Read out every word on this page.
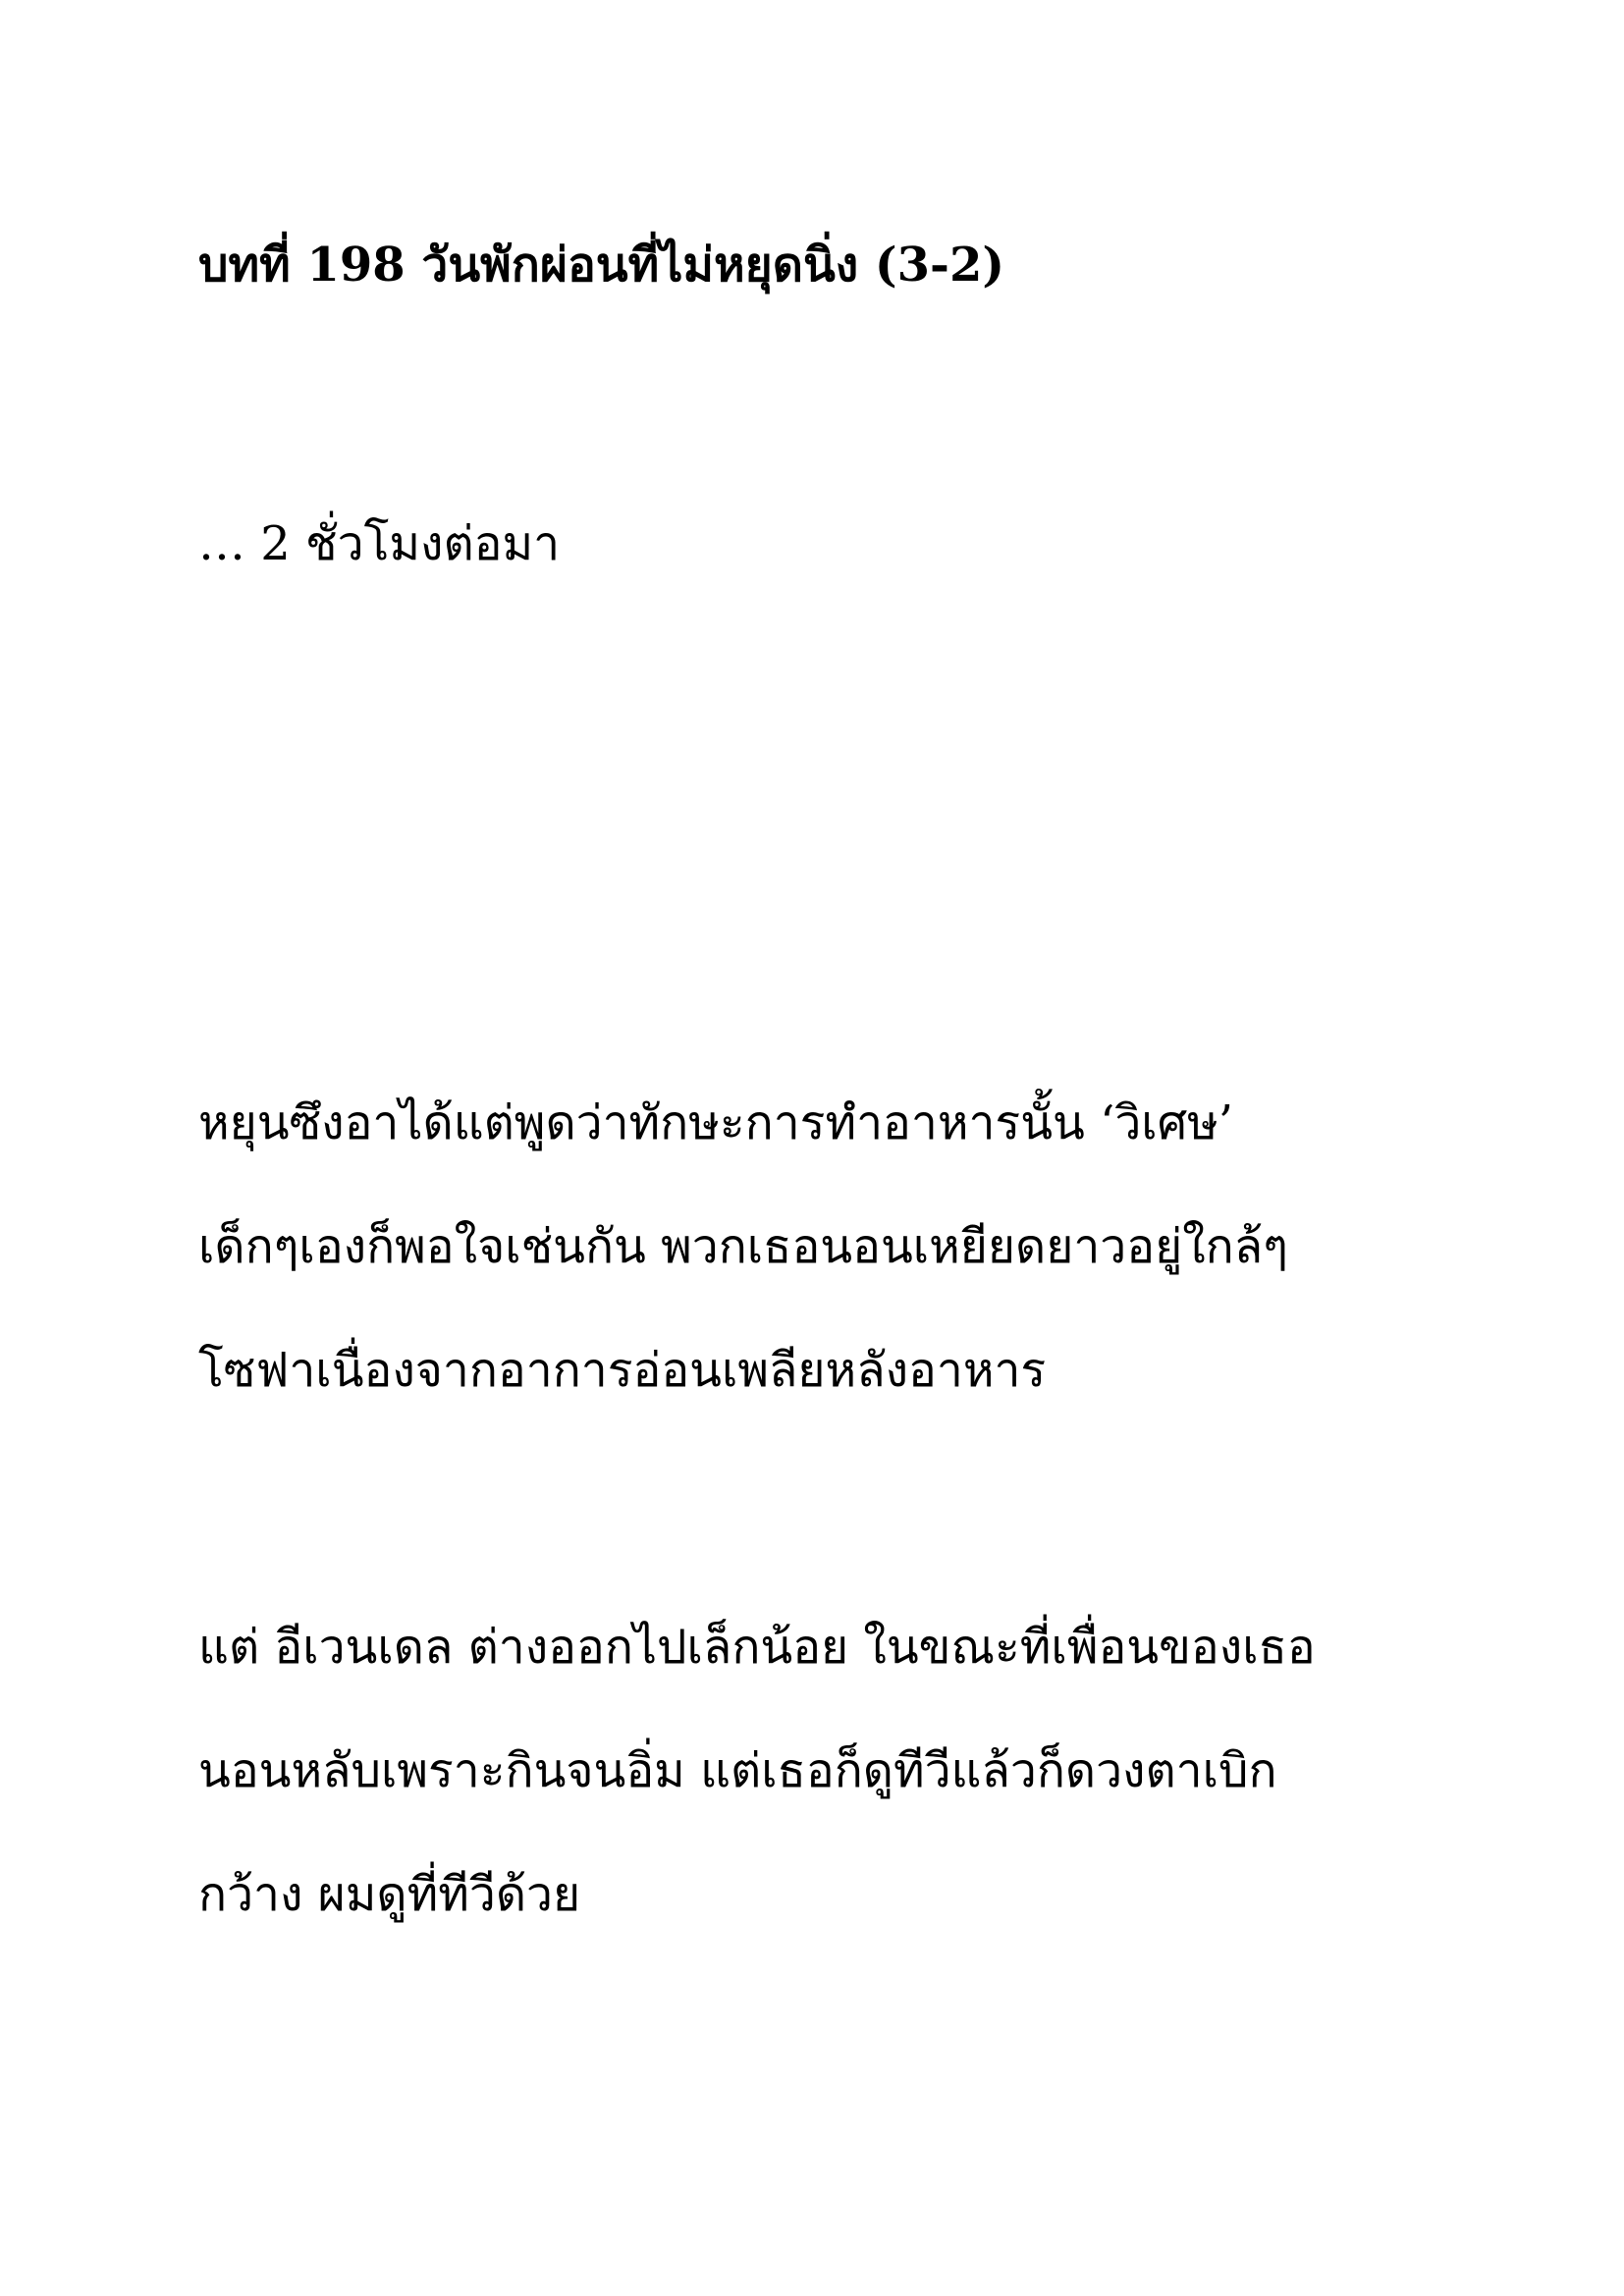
บทที่ 198 วันพักผ่อนที่ไม่หยุดนิ่ง (3-2)

… 2 ชั่วโมงต่อมา

หยุนซึงอาได้แต่พูดว่าทักษะการทำอาหารนั้น ‘วิเศษ’
เด็กๆเองก็พอใจเช่นกัน พวกเธอนอนเหยียดยาวอยู่ใกล้ๆ
โซฟาเนื่องจากอาการอ่อนเพลียหลังอาหาร

แต่ อีเวนเดล ต่างออกไปเล็กน้อย ในขณะที่เพื่อนของเธอ
นอนหลับเพราะกินจนอิ่ม แต่เธอก็ดูทีวีแล้วก็ดวงตาเบิก
กว้าง ผมดูที่ทีวีด้วย
